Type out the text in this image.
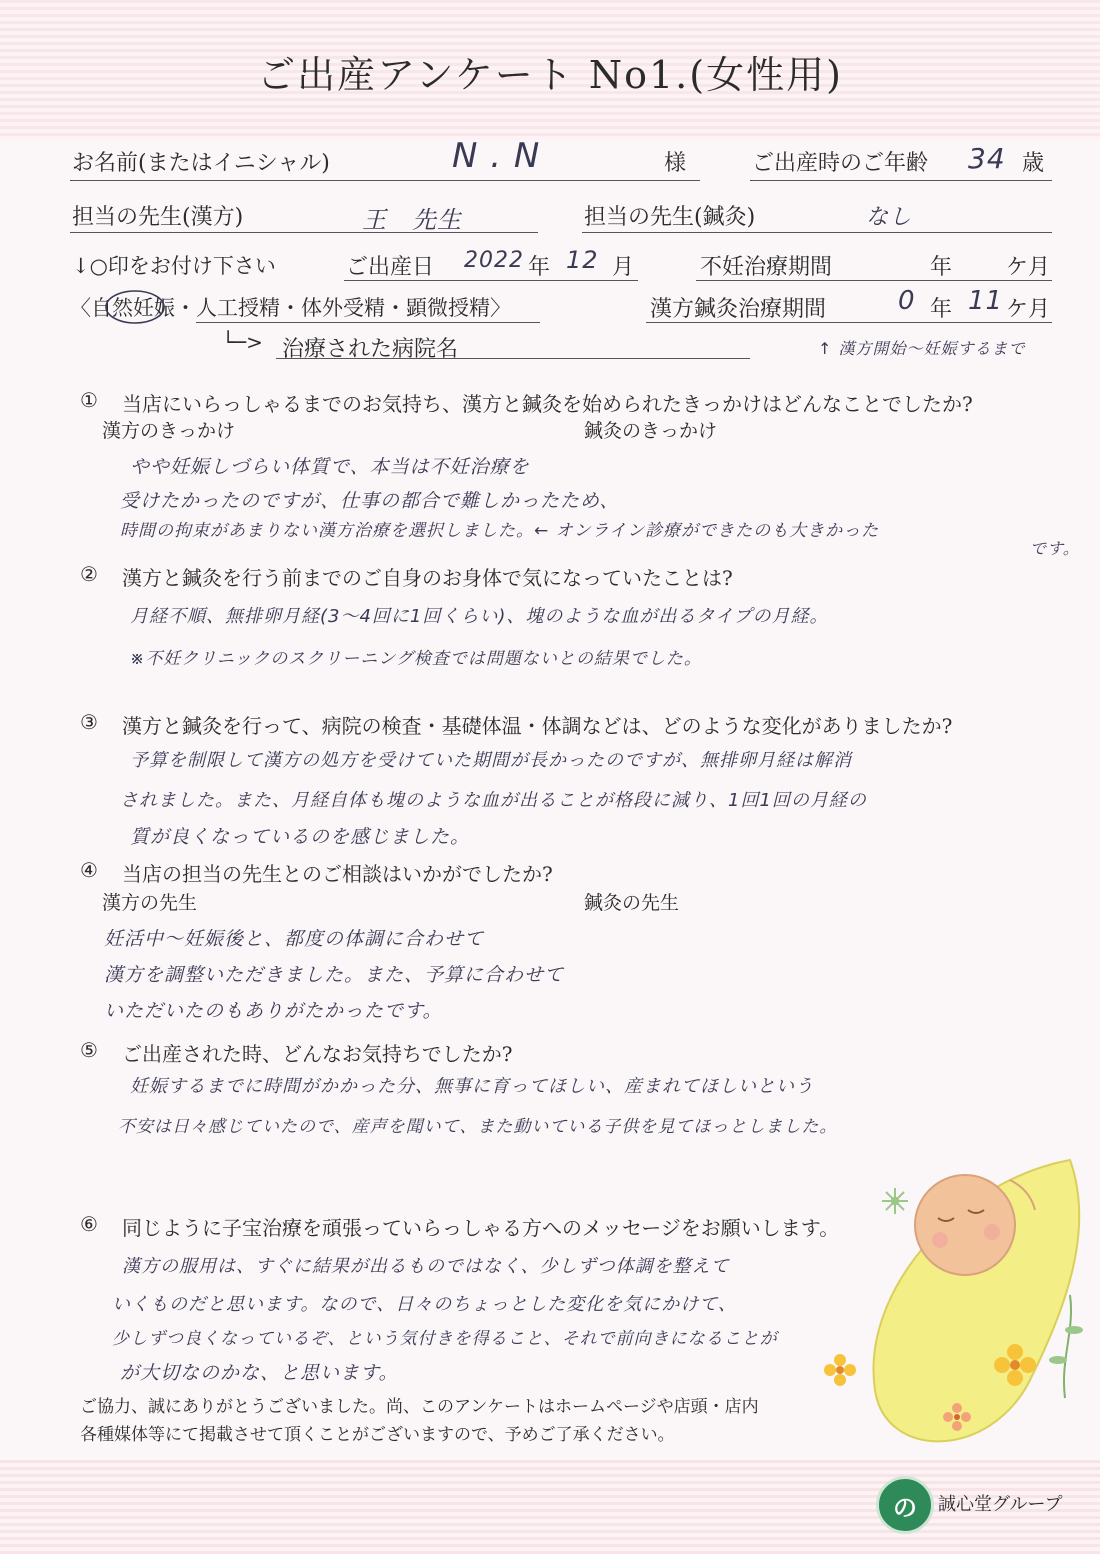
ご出産アンケート No1.(女性用)
お名前(またはイニシャル)	N . N	様	ご出産時のご年齢 34 歳
担当の先生(漢方)	王　先生	担当の先生(鍼灸)	なし
↓○印をお付け下さい	ご出産日 2022 年 12 月	不妊治療期間	年 ケ月
〈自然妊娠・人工授精・体外受精・顕微授精〉	漢方鍼灸治療期間	0 年 11 ケ月
└─> 治療された病院名	↑ 漢方開始〜妊娠するまで
① 当店にいらっしゃるまでのお気持ち、漢方と鍼灸を始められたきっかけはどんなことでしたか?
漢方のきっかけ	鍼灸のきっかけ
やや妊娠しづらい体質で、本当は不妊治療を
受けたかったのですが、仕事の都合で難しかったため、
時間の拘束があまりない漢方治療を選択しました。← オンライン診療ができたのも大きかった
です。
② 漢方と鍼灸を行う前までのご自身のお身体で気になっていたことは?
月経不順、無排卵月経(3〜4回に1回くらい)、塊のような血が出るタイプの月経。
※不妊クリニックのスクリーニング検査では問題ないとの結果でした。
③ 漢方と鍼灸を行って、病院の検査・基礎体温・体調などは、どのような変化がありましたか?
予算を制限して漢方の処方を受けていた期間が長かったのですが、無排卵月経は解消
されました。また、月経自体も塊のような血が出ることが格段に減り、1回1回の月経の
質が良くなっているのを感じました。
④ 当店の担当の先生とのご相談はいかがでしたか?
漢方の先生	鍼灸の先生
妊活中〜妊娠後と、都度の体調に合わせて
漢方を調整いただきました。また、予算に合わせて
いただいたのもありがたかったです。
⑤ ご出産された時、どんなお気持ちでしたか?
妊娠するまでに時間がかかった分、無事に育ってほしい、産まれてほしいという
不安は日々感じていたので、産声を聞いて、また動いている子供を見てほっとしました。
⑥ 同じように子宝治療を頑張っていらっしゃる方へのメッセージをお願いします。
漢方の服用は、すぐに結果が出るものではなく、少しずつ体調を整えて
いくものだと思います。なので、日々のちょっとした変化を気にかけて、
少しずつ良くなっているぞ、という気付きを得ること、それで前向きになることが
が大切なのかな、と思います。
ご協力、誠にありがとうございました。尚、このアンケートはホームページや店頭・店内
各種媒体等にて掲載させて頂くことがございますので、予めご了承ください。
の	誠心堂グループ
